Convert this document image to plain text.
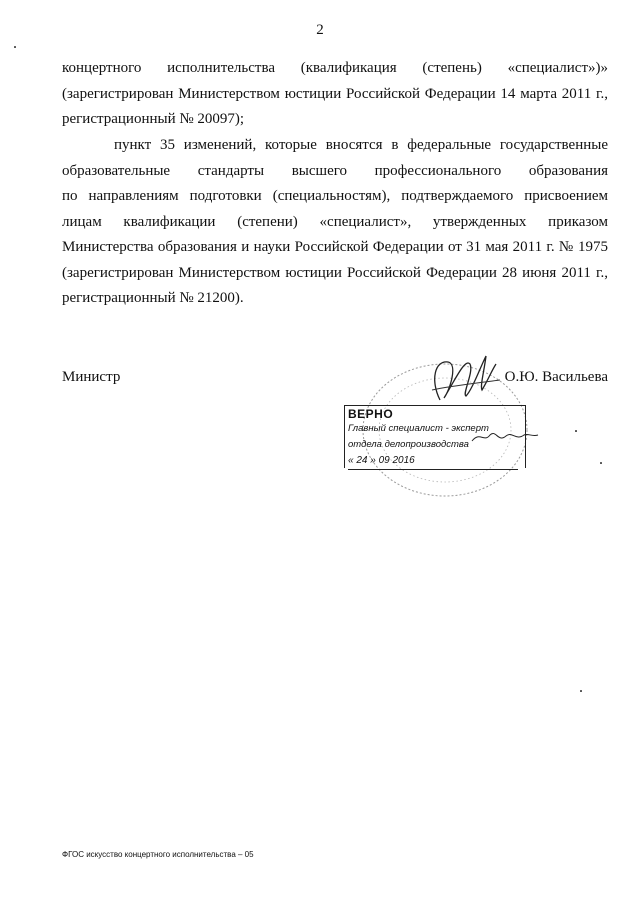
2

концертного исполнительства (квалификация (степень) «специалист»)»
(зарегистрирован Министерством юстиции Российской Федерации 14 марта 2011 г.,
регистрационный № 20097);

пункт 35 изменений, которые вносятся в федеральные государственные
образовательные стандарты высшего профессионального образования
по направлениям подготовки (специальностям), подтверждаемого присвоением
лицам квалификации (степени) «специалист», утвержденных приказом
Министерства образования и науки Российской Федерации от 31 мая 2011 г. № 1975
(зарегистрирован Министерством юстиции Российской Федерации 28 июня 2011 г.,
регистрационный № 21200).

Министр	О.Ю. Васильева
ВЕРНО
Главный специалист - эксперт
отдела делопроизводства
« 24 » 09 2016
ФГОС искусство концертного исполнительства – 05
